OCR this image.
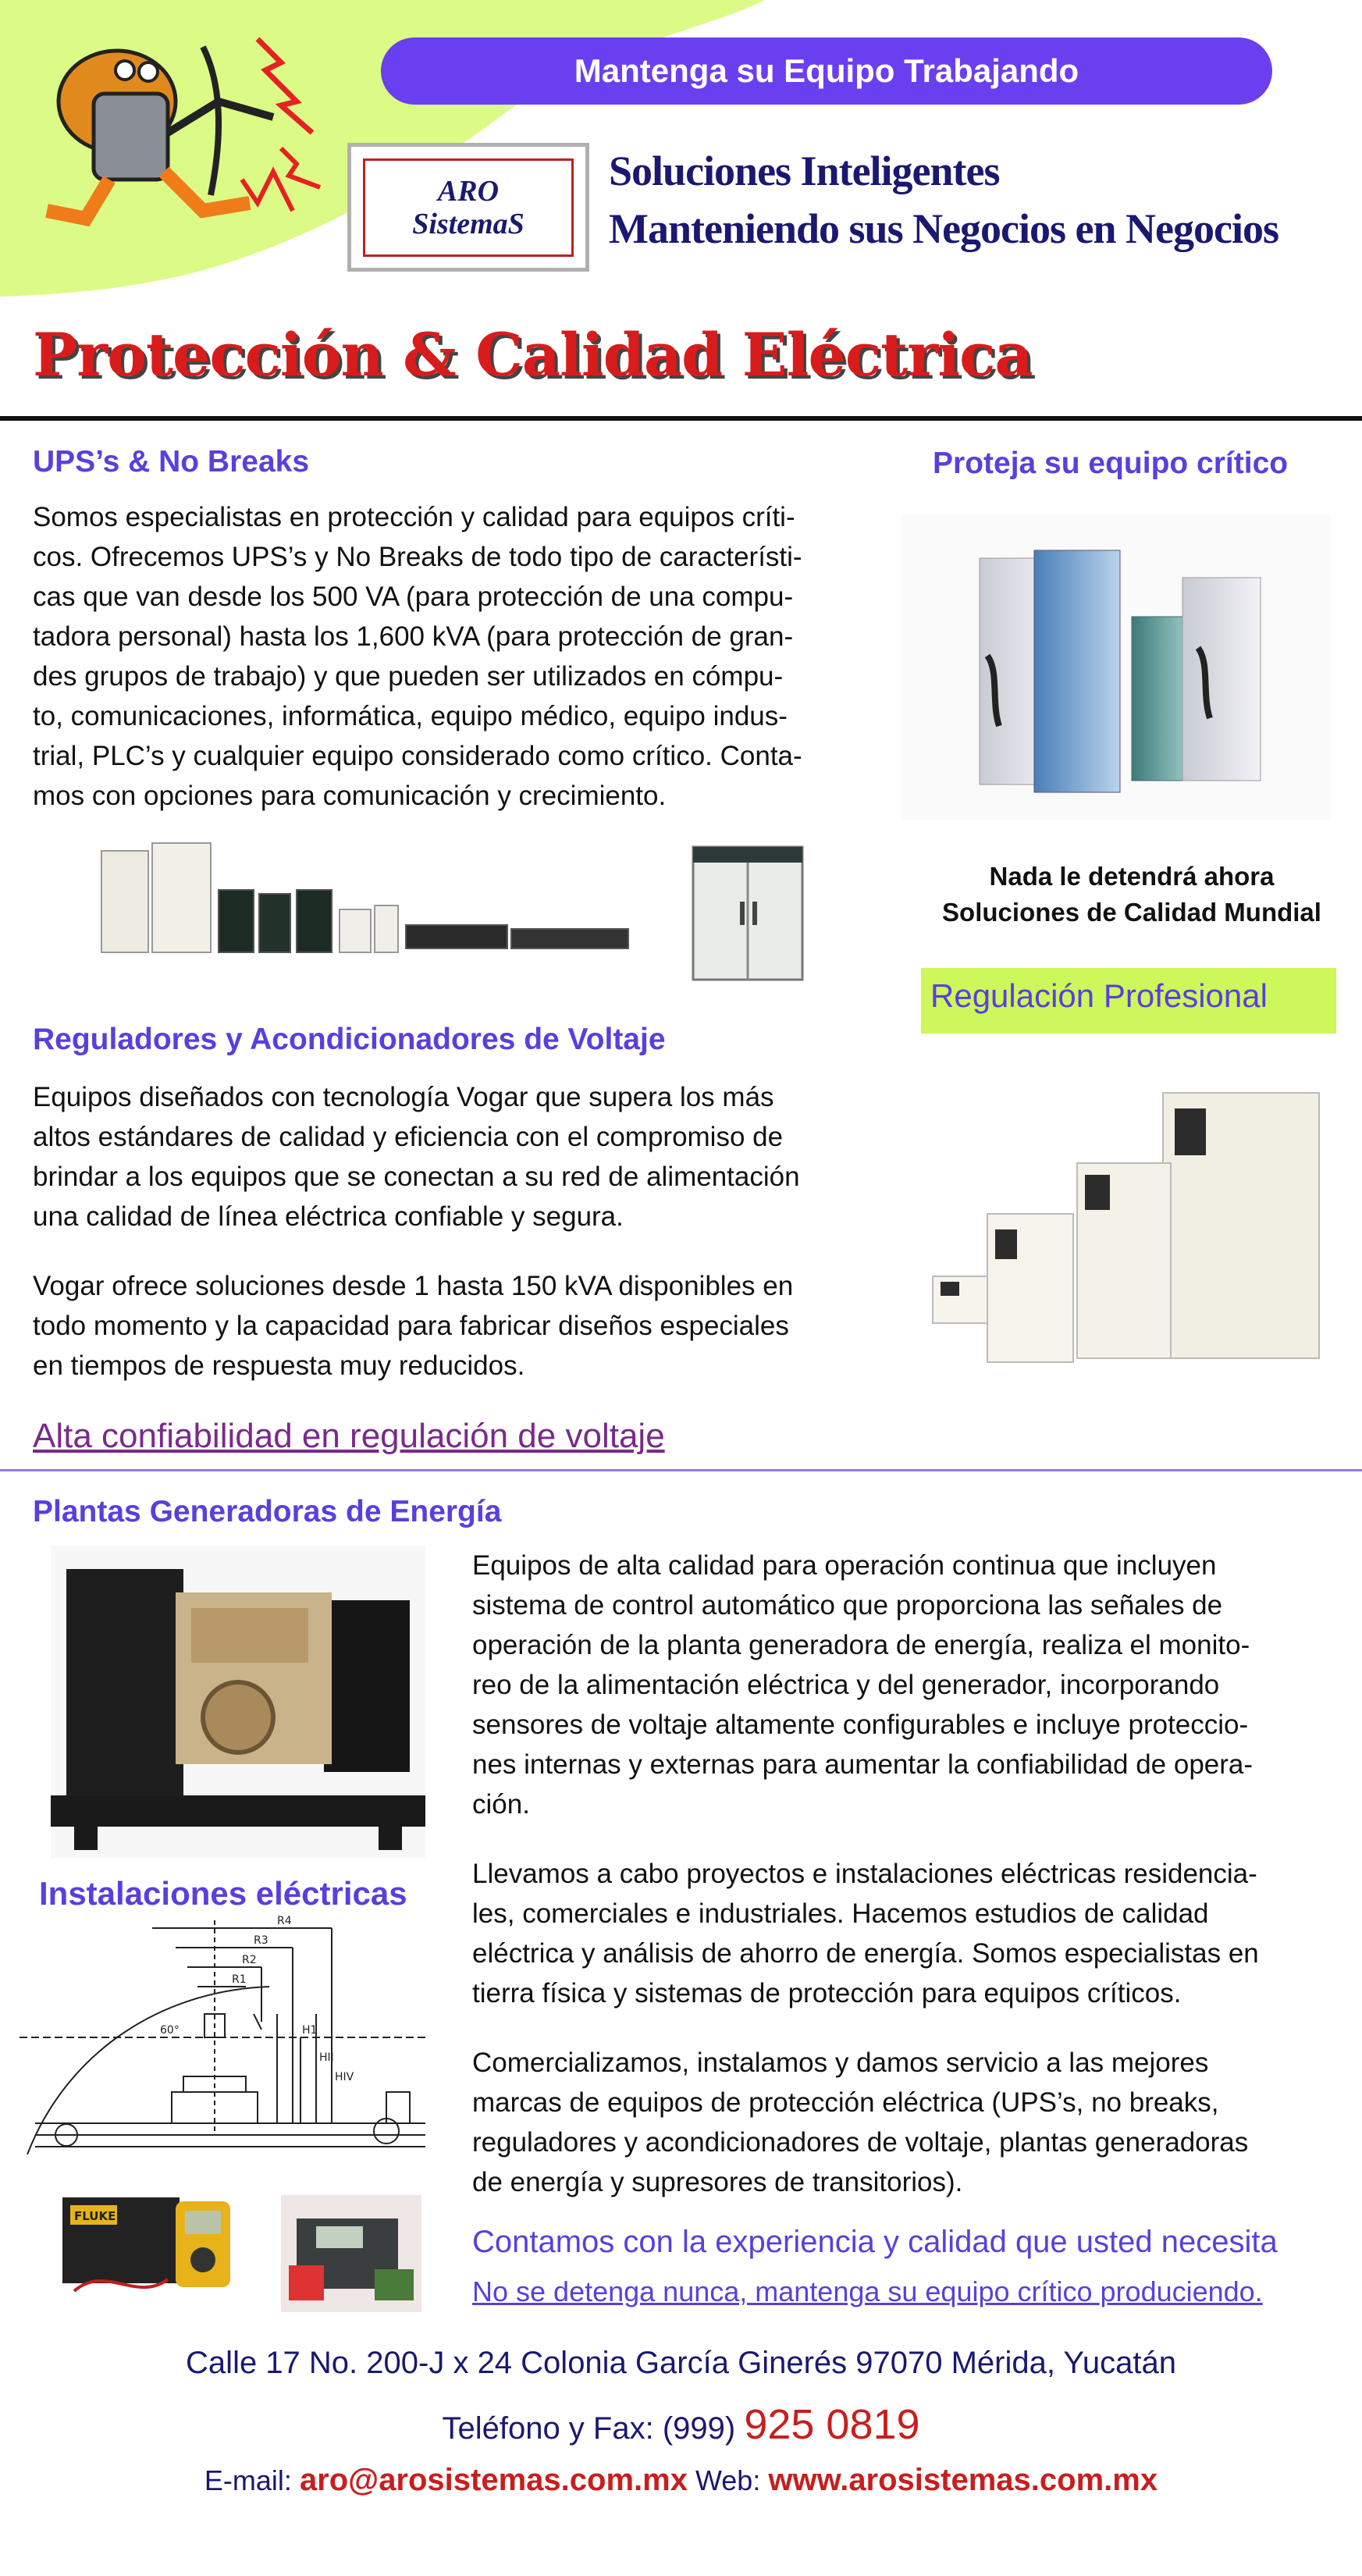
Mantenga su Equipo Trabajando
ARO
SistemaS
Soluciones Inteligentes
Manteniendo sus Negocios en Negocios
Protección & Calidad Eléctrica
UPS’s & No Breaks
Somos especialistas en protección y calidad para equipos críti-
cos. Ofrecemos UPS’s y No Breaks de todo tipo de característi-
cas que van desde los 500 VA (para protección de una compu-
tadora personal) hasta los 1,600 kVA (para protección de gran-
des grupos de trabajo) y que pueden ser utilizados en cómpu-
to, comunicaciones, informática, equipo médico, equipo indus-
trial, PLC’s y cualquier equipo considerado como crítico. Conta-
mos con opciones para comunicación y crecimiento.
Proteja su equipo crítico
Nada le detendrá ahora
Soluciones de Calidad Mundial
Regulación Profesional
Reguladores y Acondicionadores de Voltaje
Equipos diseñados con tecnología Vogar que supera los más
altos estándares de calidad y eficiencia con el compromiso de
brindar a los equipos que se conectan a su red de alimentación
una calidad de línea eléctrica confiable y segura.
Vogar ofrece soluciones desde 1 hasta 150 kVA disponibles en
todo momento y la capacidad para fabricar diseños especiales
en tiempos de respuesta muy reducidos.
Alta confiabilidad en regulación de voltaje
Plantas Generadoras de Energía
Equipos de alta calidad para operación continua que incluyen
sistema de control automático que proporciona las señales de
operación de la planta generadora de energía, realiza el monito-
reo de la alimentación eléctrica y del generador, incorporando
sensores de voltaje altamente configurables e incluye proteccio-
nes internas y externas para aumentar la confiabilidad de opera-
ción.
Instalaciones eléctricas
R4
R3
R2
R1
H1
HII
HIV
60°
FLUKE
Llevamos a cabo proyectos e instalaciones eléctricas residencia-
les, comerciales e industriales. Hacemos estudios de calidad
eléctrica y análisis de ahorro de energía. Somos especialistas en
tierra física y sistemas de protección para equipos críticos.
Comercializamos, instalamos y damos servicio a las mejores
marcas de equipos de protección eléctrica (UPS’s, no breaks,
reguladores y acondicionadores de voltaje, plantas generadoras
de energía y supresores de transitorios).
Contamos con la experiencia y calidad que usted necesita
No se detenga nunca, mantenga su equipo crítico produciendo.
Calle 17 No. 200-J x 24 Colonia García Ginerés 97070 Mérida, Yucatán
Teléfono y Fax: (999) 925 0819
E-mail: aro@arosistemas.com.mx Web: www.arosistemas.com.mx
